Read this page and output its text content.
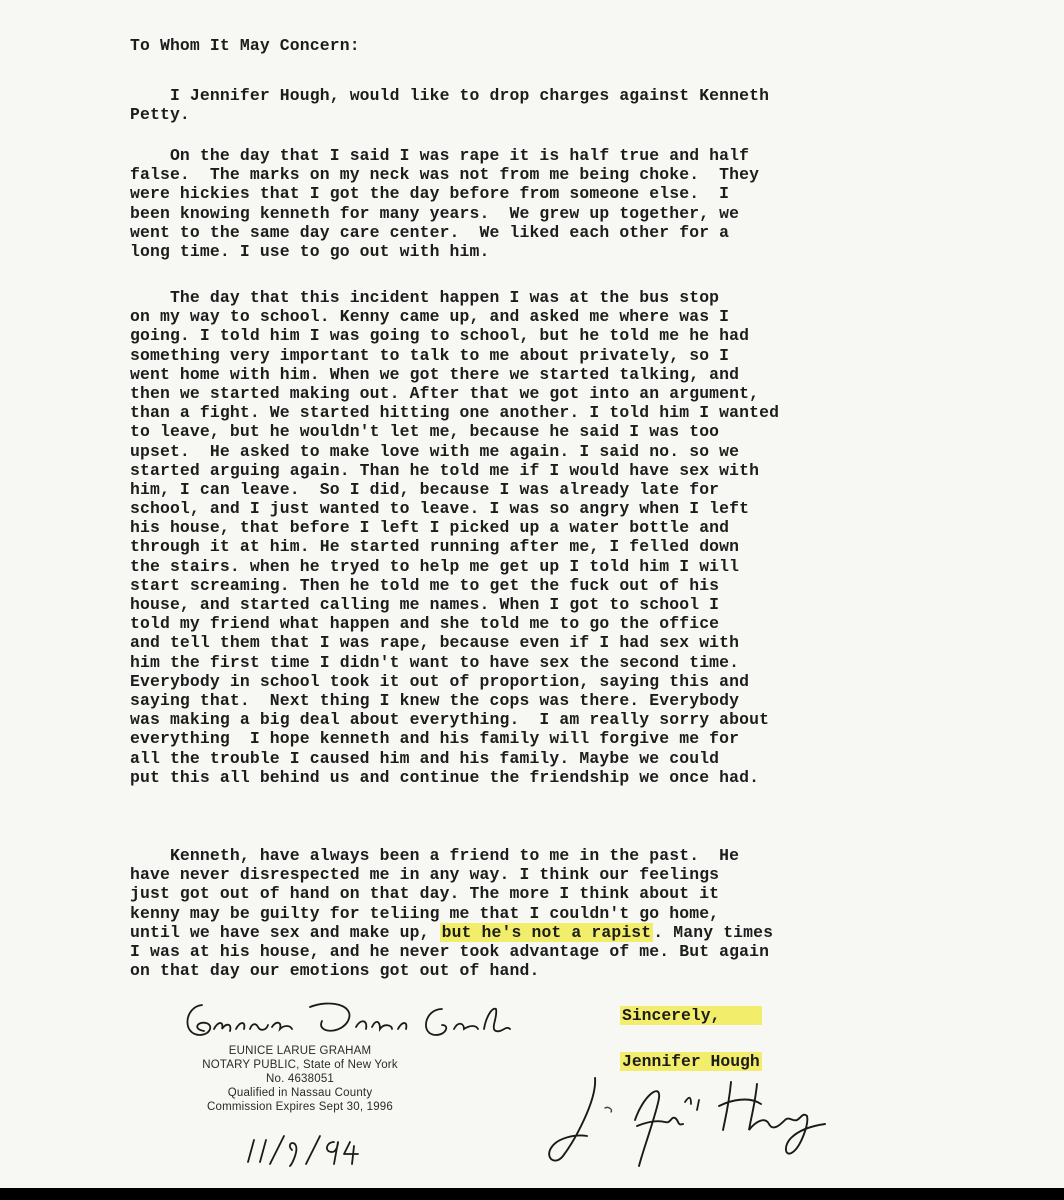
To Whom It May Concern:
I Jennifer Hough, would like to drop charges against Kenneth
Petty.
On the day that I said I was rape it is half true and half
false.  The marks on my neck was not from me being choke.  They
were hickies that I got the day before from someone else.  I
been knowing kenneth for many years.  We grew up together, we
went to the same day care center.  We liked each other for a
long time. I use to go out with him.
The day that this incident happen I was at the bus stop
on my way to school. Kenny came up, and asked me where was I
going. I told him I was going to school, but he told me he had
something very important to talk to me about privately, so I
went home with him. When we got there we started talking, and
then we started making out. After that we got into an argument,
than a fight. We started hitting one another. I told him I wanted
to leave, but he wouldn't let me, because he said I was too
upset.  He asked to make love with me again. I said no. so we
started arguing again. Than he told me if I would have sex with
him, I can leave.  So I did, because I was already late for
school, and I just wanted to leave. I was so angry when I left
his house, that before I left I picked up a water bottle and
through it at him. He started running after me, I felled down
the stairs. when he tryed to help me get up I told him I will
start screaming. Then he told me to get the fuck out of his
house, and started calling me names. When I got to school I
told my friend what happen and she told me to go the office
and tell them that I was rape, because even if I had sex with
him the first time I didn't want to have sex the second time.
Everybody in school took it out of proportion, saying this and
saying that.  Next thing I knew the cops was there. Everybody
was making a big deal about everything.  I am really sorry about
everything  I hope kenneth and his family will forgive me for
all the trouble I caused him and his family. Maybe we could
put this all behind us and continue the friendship we once had.
Kenneth, have always been a friend to me in the past.  He
have never disrespected me in any way. I think our feelings
just got out of hand on that day. The more I think about it
kenny may be guilty for teliing me that I couldn't go home,
until we have sex and make up, but he's not a rapist . Many times
I was at his house, and he never took advantage of me. But again
on that day our emotions got out of hand.
EUNICE LARUE GRAHAM
NOTARY PUBLIC, State of New York
No. 4638051
Qualified in Nassau County
Commission Expires Sept 30, 1996
Sincerely,
Jennifer Hough
